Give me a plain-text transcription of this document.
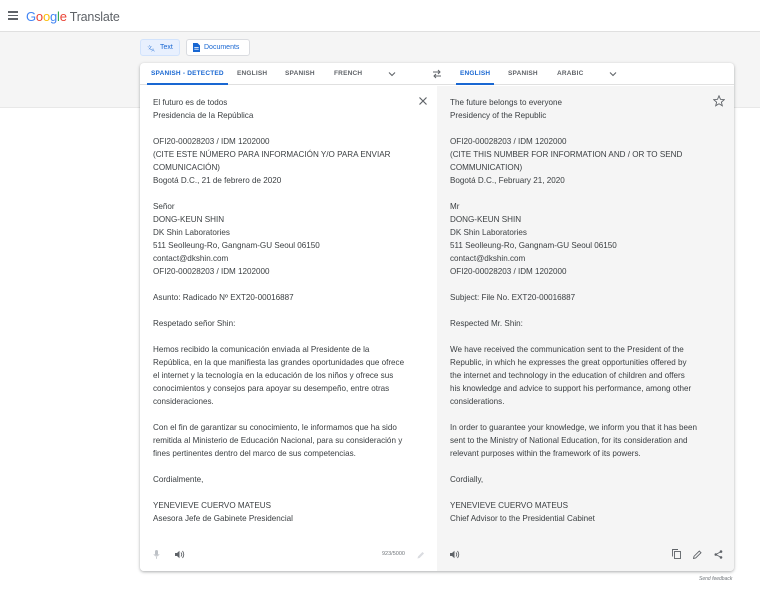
Google Translate
文 A Text	Documents
SPANISH - DETECTED	ENGLISH	SPANISH	FRENCH	ENGLISH	SPANISH	ARABIC
El futuro es de todos
Presidencia de la República

OFI20-00028203 / IDM 1202000
(CITE ESTE NÚMERO PARA INFORMACIÓN Y/O PARA ENVIAR
COMUNICACIÓN)
Bogotá D.C., 21 de febrero de 2020

Señor
DONG-KEUN SHIN
DK Shin Laboratories
511 Seolleung-Ro, Gangnam-GU Seoul 06150
contact@dkshin.com
OFI20-00028203 / IDM 1202000

Asunto: Radicado Nº EXT20-00016887

Respetado señor Shin:

Hemos recibido la comunicación enviada al Presidente de la
República, en la que manifiesta las grandes oportunidades que ofrece
el internet y la tecnología en la educación de los niños y ofrece sus
conocimientos y consejos para apoyar su desempeño, entre otras
consideraciones.

Con el fin de garantizar su conocimiento, le informamos que ha sido
remitida al Ministerio de Educación Nacional, para su consideración y
fines pertinentes dentro del marco de sus competencias.

Cordialmente,

YENEVIEVE CUERVO MATEUS
Asesora Jefe de Gabinete Presidencial
923/5000
The future belongs to everyone
Presidency of the Republic

OFI20-00028203 / IDM 1202000
(CITE THIS NUMBER FOR INFORMATION AND / OR TO SEND
COMMUNICATION)
Bogotá D.C., February 21, 2020

Mr
DONG-KEUN SHIN
DK Shin Laboratories
511 Seolleung-Ro, Gangnam-GU Seoul 06150
contact@dkshin.com
OFI20-00028203 / IDM 1202000

Subject: File No. EXT20-00016887

Respected Mr. Shin:

We have received the communication sent to the President of the
Republic, in which he expresses the great opportunities offered by
the internet and technology in the education of children and offers
his knowledge and advice to support his performance, among other
considerations.

In order to guarantee your knowledge, we inform you that it has been
sent to the Ministry of National Education, for its consideration and
relevant purposes within the framework of its powers.

Cordially,

YENEVIEVE CUERVO MATEUS
Chief Advisor to the Presidential Cabinet
Send feedback
